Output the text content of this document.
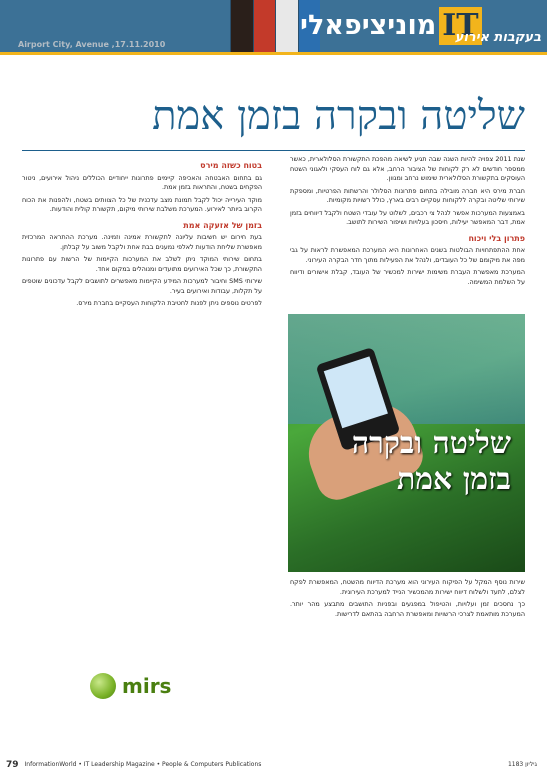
Airport City, Avenue ,17.11.2010
IT
מוניציפאלי בעקבות אירוע
שליטה ובקרה בזמן אמת

שנת 2011 צפויה להיות השנה שבה תגיע לשיאה מהפכת התקשורת הסלולארית, כאשר ממספר חודשים לא רק לקוחות של הציבור הרחב, אלא גם לוח העסקי ולאגוני השטח העוסקים בתקשורת הסלולארית שימוש נרחב ומגוון.

חברת מירס היא חברה מובילה בתחום פתרונות הסלולר והרשתות הפרטיות, ומספקת שירותי שליטה ובקרה ללקוחות עסקיים רבים בארץ, כולל רשויות מקומיות.

באמצעות המערכות אפשר לנהל צי רכבים, לשלוט על עובדי השטח ולקבל דיווחים בזמן אמת, דבר המאפשר יעילות, חיסכון בעלויות ושיפור השירות לתושב.

פתרון בלי ויכוח

אחת ההתפתחויות הבולטות בשנים האחרונות היא המערכת המאפשרת לראות על גבי מפה את מיקומם של כל העובדים, ולנהל את הפעילות מתוך חדר הבקרה העירוני.

המערכת מאפשרת העברת משימות ישירות למכשיר של העובד, קבלת אישורים ודיווח על השלמת המשימה.

שליטה ובקרה בזמן אמת

שירות נוסף המקל על הפיקוח העירוני הוא מערכת הדיווח מהשטח, המאפשרת לפקח לצלם, לתעד ולשלוח דיווח ישירות מהמכשיר הנייד למערכת העירונית.

כך נחסכים זמן ועלויות, והטיפול במפגעים ובפניות התושבים מתבצע מהר יותר. המערכת מותאמת לצרכי הרשויות ומאפשרת הרחבה בהתאם לדרישות.

בטוח כשזה מירס

גם בתחום האבטחה והאכיפה קיימים פתרונות ייחודיים הכוללים ניהול אירועים, ניטור הפקחים בשטח, והתראות בזמן אמת.

מוקד העירייה יכול לקבל תמונת מצב עדכנית של כל הצוותים בשטח, ולהפנות את הכוח הקרוב ביותר לאירוע. המערכת משלבת שירותי מיקום, תקשורת קולית והודעות.

בזמן של אזעקה אמת

בעת חירום יש חשיבות עליונה לתקשורת אמינה וזמינה. מערכת ההתראה המרכזית מאפשרת שליחת הודעות לאלפי נמענים בבת אחת ולקבל משוב על קבלתן.

בתחום שירותי המוקד ניתן לשלב את המערכות הקיימות של הרשות עם פתרונות התקשורת, כך שכל האירועים מתועדים ומנוהלים במקום אחד.

שירותי SMS וחיבור למערכות המידע הקיימות מאפשרים לתושבים לקבל עדכונים שוטפים על תקלות, עבודות ואירועים בעיר.

לפרטים נוספים ניתן לפנות לחטיבת הלקוחות העסקיים בחברת מירס.

mirs
79 InformationWorld • IT Leadership Magazine • People & Computers Publications	גיליון 1183
